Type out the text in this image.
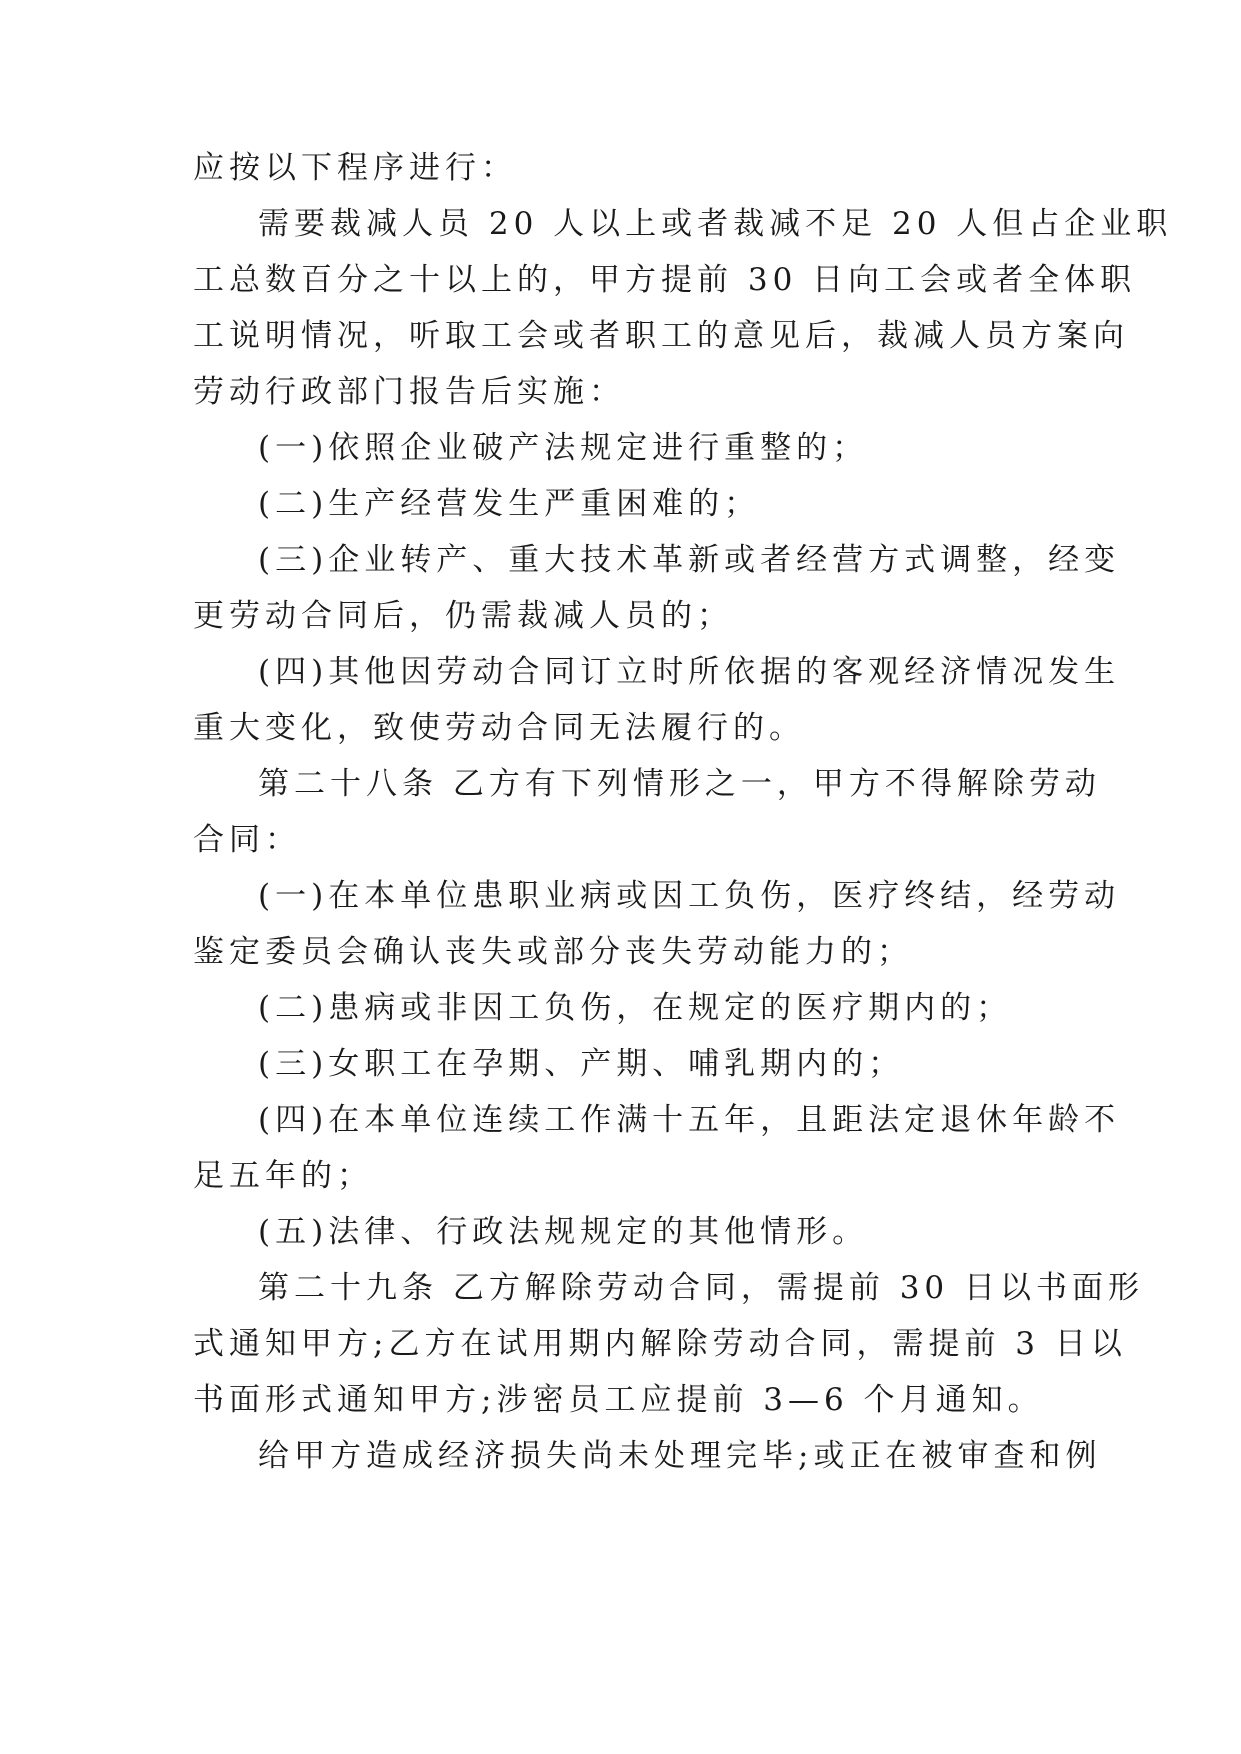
应按以下程序进行：
需要裁减人员 20 人以上或者裁减不足 20 人但占企业职
工总数百分之十以上的，甲方提前 30 日向工会或者全体职
工说明情况，听取工会或者职工的意见后，裁减人员方案向
劳动行政部门报告后实施：
(一)依照企业破产法规定进行重整的；
(二)生产经营发生严重困难的；
(三)企业转产、重大技术革新或者经营方式调整，经变
更劳动合同后，仍需裁减人员的；
(四)其他因劳动合同订立时所依据的客观经济情况发生
重大变化，致使劳动合同无法履行的。
第二十八条 乙方有下列情形之一，甲方不得解除劳动
合同：
(一)在本单位患职业病或因工负伤，医疗终结，经劳动
鉴定委员会确认丧失或部分丧失劳动能力的；
(二)患病或非因工负伤，在规定的医疗期内的；
(三)女职工在孕期、产期、哺乳期内的；
(四)在本单位连续工作满十五年，且距法定退休年龄不
足五年的；
(五)法律、行政法规规定的其他情形。
第二十九条 乙方解除劳动合同，需提前 30 日以书面形
式通知甲方;乙方在试用期内解除劳动合同，需提前 3 日以
书面形式通知甲方;涉密员工应提前 3—6 个月通知。
给甲方造成经济损失尚未处理完毕;或正在被审查和例
